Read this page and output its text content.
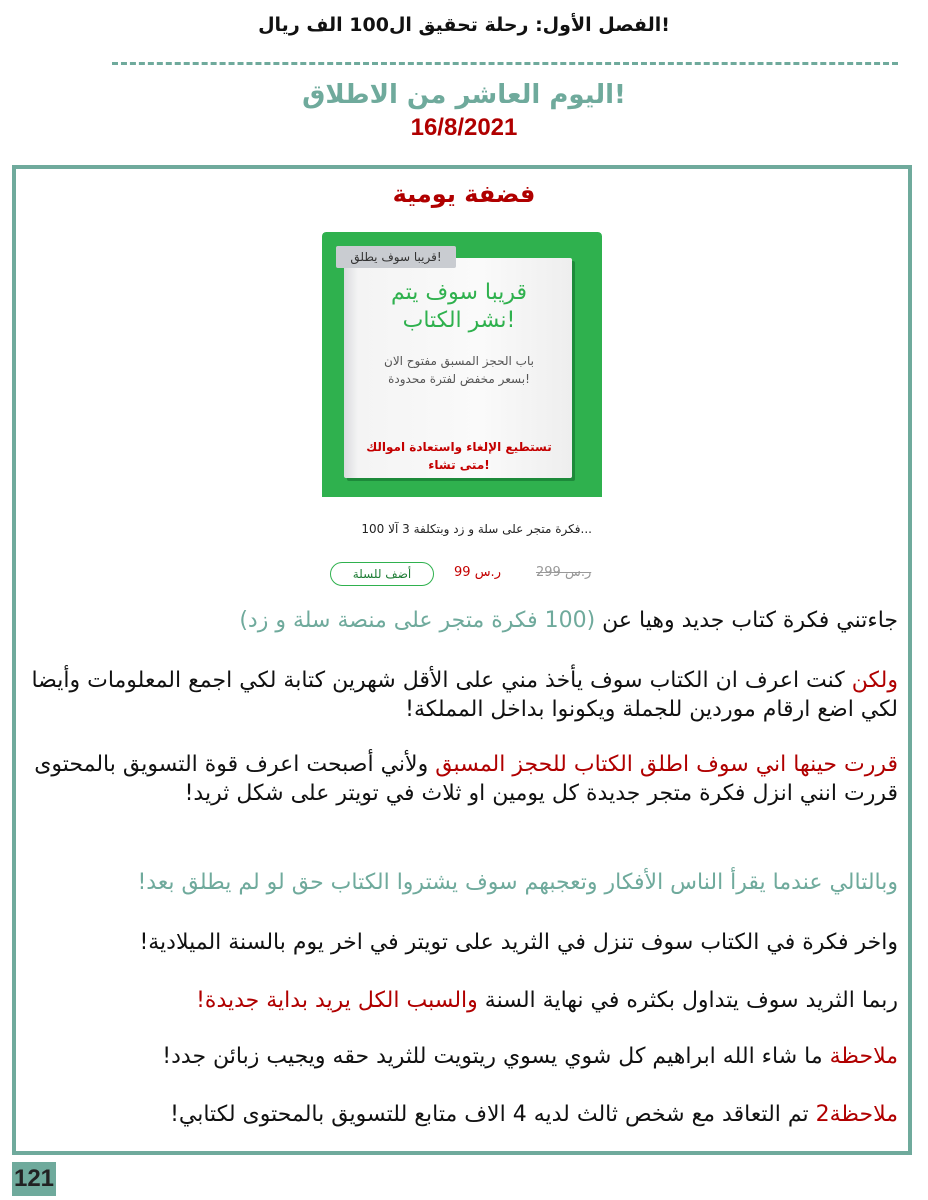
الفصل الأول: رحلة تحقيق ال100 الف ريال!
اليوم العاشر من الاطلاق!
16/8/2021
فضفة يومية
قريبا سوف يتم
نشر الكتاب!
باب الحجز المسبق مفتوح الان
بسعر مخفض لفترة محدودة!
تستطيع الإلغاء واستعادة اموالك
متى تشاء!
قريبا سوف يطلق!
100 فكرة متجر على سلة و زد وبتكلفة 3 آلا...
أضف للسلة	99 ر.س	299 ر.س
جاءتني فكرة كتاب جديد وهيا عن (100 فكرة متجر على منصة سلة و زد)
ولكن كنت اعرف ان الكتاب سوف يأخذ مني على الأقل شهرين كتابة لكي اجمع المعلومات وأيضا لكي اضع ارقام موردين للجملة ويكونوا بداخل المملكة!
قررت حينها اني سوف اطلق الكتاب للحجز المسبق ولأني أصبحت اعرف قوة التسويق بالمحتوى قررت انني انزل فكرة متجر جديدة كل يومين او ثلاث في تويتر على شكل ثريد!
وبالتالي عندما يقرأ الناس الأفكار وتعجبهم سوف يشتروا الكتاب حق لو لم يطلق بعد!
واخر فكرة في الكتاب سوف تنزل في الثريد على تويتر في اخر يوم بالسنة الميلادية!
ربما الثريد سوف يتداول بكثره في نهاية السنة والسبب الكل يريد بداية جديدة!
ملاحظة ما شاء الله ابراهيم كل شوي يسوي ريتويت للثريد حقه ويجيب زبائن جدد!
ملاحظة2 تم التعاقد مع شخص ثالث لديه 4 الاف متابع للتسويق بالمحتوى لكتابي!
121
